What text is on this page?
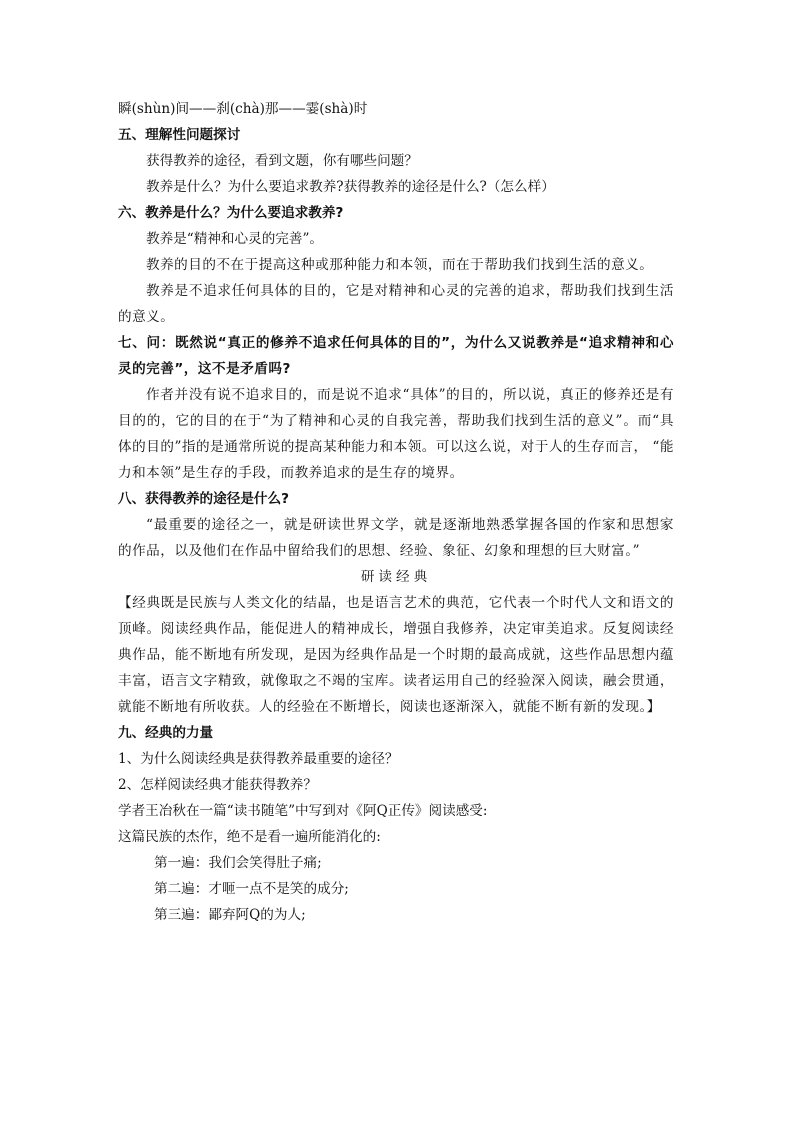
瞬(shùn)间——刹(chà)那——霎(shà)时

五、理解性问题探讨

获得教养的途径，看到文题，你有哪些问题？

教养是什么？为什么要追求教养?获得教养的途径是什么?（怎么样）

六、教养是什么？为什么要追求教养?

教养是“精神和心灵的完善”。

教养的目的不在于提高这种或那种能力和本领，而在于帮助我们找到生活的意义。

教养是不追求任何具体的目的，它是对精神和心灵的完善的追求，帮助我们找到生活的意义。

七、问：既然说“真正的修养不追求任何具体的目的”，为什么又说教养是“追求精神和心灵的完善”，这不是矛盾吗?

作者并没有说不追求目的，而是说不追求“具体”的目的，所以说，真正的修养还是有目的的，它的目的在于“为了精神和心灵的自我完善，帮助我们找到生活的意义”。而“具体的目的”指的是通常所说的提高某种能力和本领。可以这么说，对于人的生存而言， “能力和本领”是生存的手段，而教养追求的是生存的境界。

八、获得教养的途径是什么?

“最重要的途径之一，就是研读世界文学，就是逐渐地熟悉掌握各国的作家和思想家的作品，以及他们在作品中留给我们的思想、经验、象征、幻象和理想的巨大财富。”

研读经典

【经典既是民族与人类文化的结晶，也是语言艺术的典范，它代表一个时代人文和语文的顶峰。阅读经典作品，能促进人的精神成长，增强自我修养，决定审美追求。反复阅读经典作品，能不断地有所发现，是因为经典作品是一个时期的最高成就，这些作品思想内蕴丰富，语言文字精致，就像取之不竭的宝库。读者运用自己的经验深入阅读，融会贯通，就能不断地有所收获。人的经验在不断增长，阅读也逐渐深入，就能不断有新的发现。】

九、经典的力量

1、为什么阅读经典是获得教养最重要的途径？

2、怎样阅读经典才能获得教养？

学者王冶秋在一篇“读书随笔”中写到对《阿Q正传》阅读感受:

这篇民族的杰作，绝不是看一遍所能消化的:

第一遍：我们会笑得肚子痛;

第二遍：才咂一点不是笑的成分;

第三遍：鄙弃阿Q的为人;
